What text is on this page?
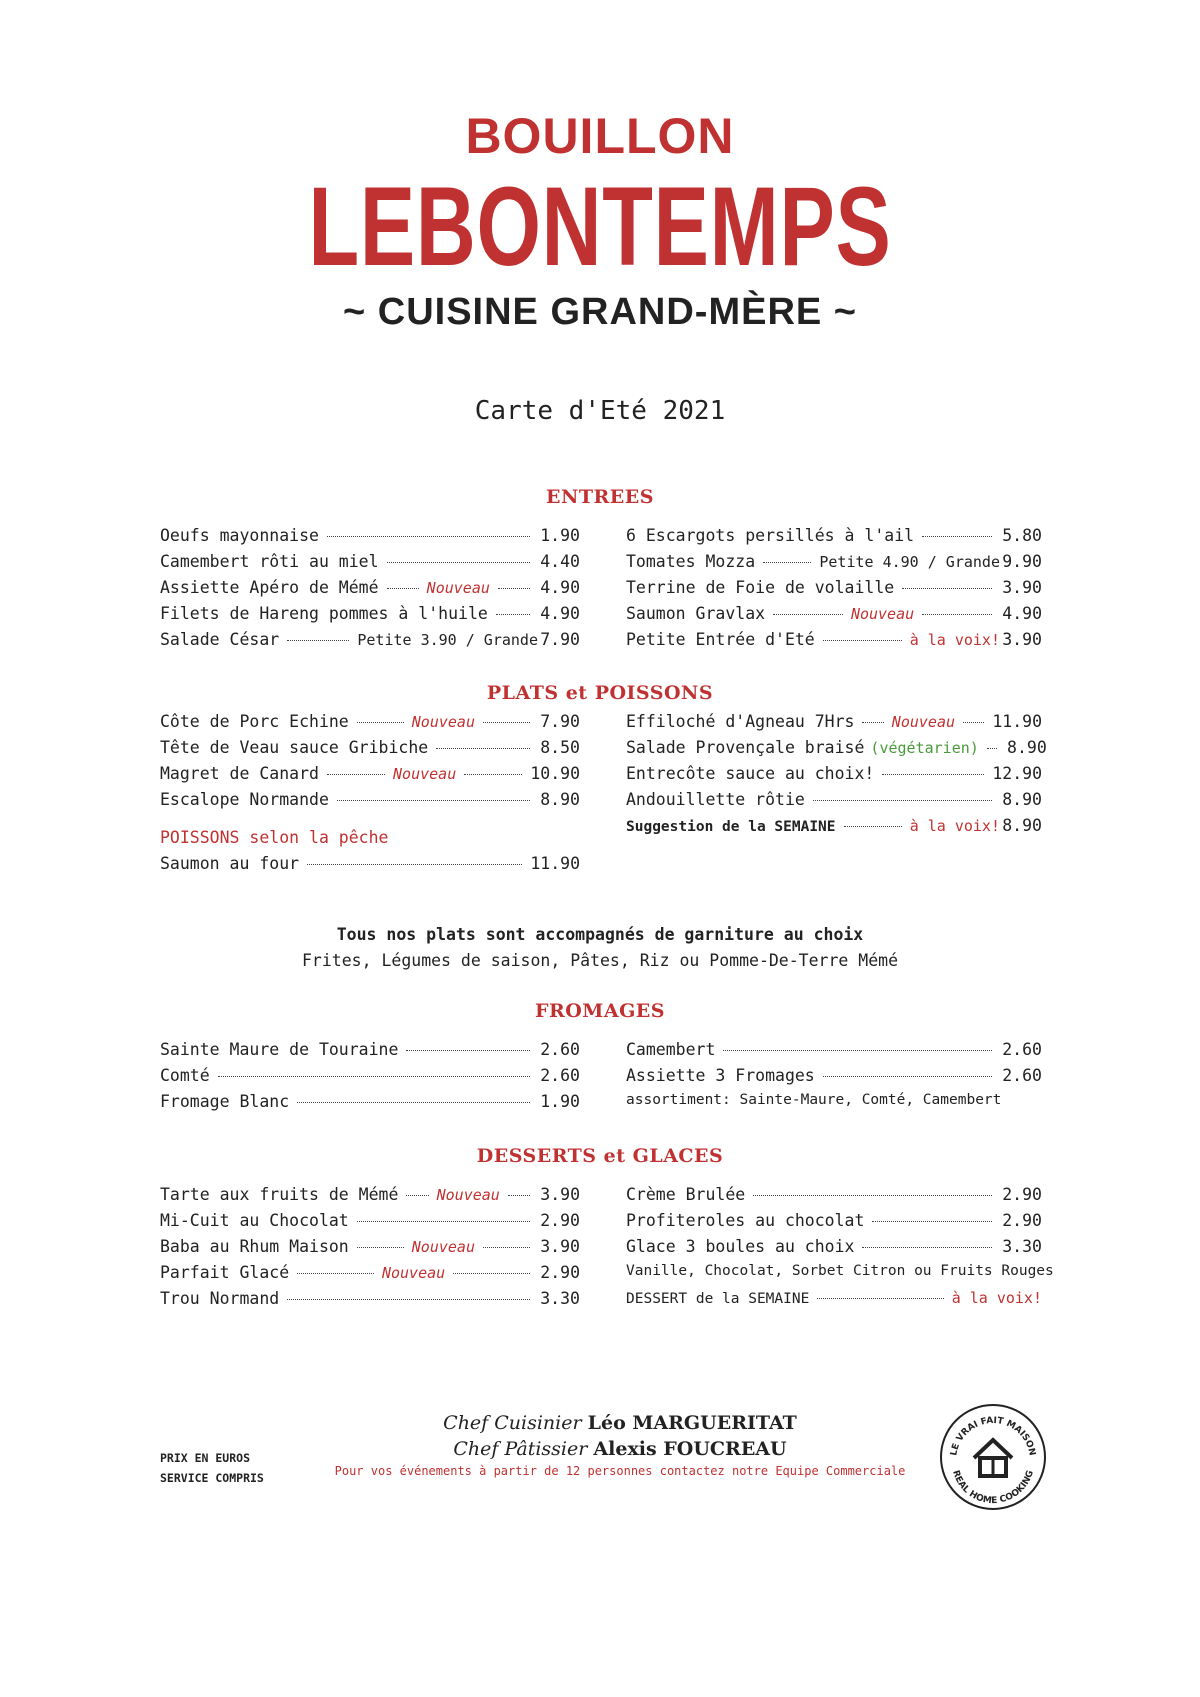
BOUILLON
LEBONTEMPS
~ CUISINE GRAND-MÈRE ~
Carte d'Eté 2021
ENTREES
Oeufs mayonnaise	1.90
Camembert rôti au miel	4.40
Assiette Apéro de Mémé	Nouveau	4.90
Filets de Hareng pommes à l'huile	4.90
Salade César	Petite 3.90 / Grande 7.90
6 Escargots persillés à l'ail	5.80
Tomates Mozza	Petite 4.90 / Grande 9.90
Terrine de Foie de volaille	3.90
Saumon Gravlax	Nouveau	4.90
Petite Entrée d'Eté	à la voix! 3.90
PLATS et POISSONS
Côte de Porc Echine	Nouveau	7.90
Tête de Veau sauce Gribiche	8.50
Magret de Canard	Nouveau	10.90
Escalope Normande	8.90
POISSONS selon la pêche
Saumon au four	11.90
Effiloché d'Agneau 7Hrs Nouveau 11.90
Salade Provençale braisé (végétarien) 8.90
Entrecôte sauce au choix!	12.90
Andouillette rôtie	8.90
Suggestion de la SEMAINE	à la voix! 8.90
Tous nos plats sont accompagnés de garniture au choix
Frites, Légumes de saison, Pâtes, Riz ou Pomme-De-Terre Mémé
FROMAGES
Sainte Maure de Touraine	2.60
Comté	2.60
Fromage Blanc	1.90
Camembert	2.60
Assiette 3 Fromages	2.60
assortiment: Sainte-Maure, Comté, Camembert
DESSERTS et GLACES
Tarte aux fruits de Mémé	Nouveau 3.90
Mi-Cuit au Chocolat	2.90
Baba au Rhum Maison	Nouveau	3.90
Parfait Glacé	Nouveau	2.90
Trou Normand	3.30
Crème Brulée	2.90
Profiteroles au chocolat	2.90
Glace 3 boules au choix	3.30
Vanille, Chocolat, Sorbet Citron ou Fruits Rouges
DESSERT de la SEMAINE	à la voix!
PRIX EN EUROS
SERVICE COMPRIS
Chef Cuisinier Léo MARGUERITAT
Chef Pâtissier Alexis FOUCREAU
Pour vos événements à partir de 12 personnes contactez notre Equipe Commerciale
LE VRAI FAIT MAISON
REAL HOME COOKING
